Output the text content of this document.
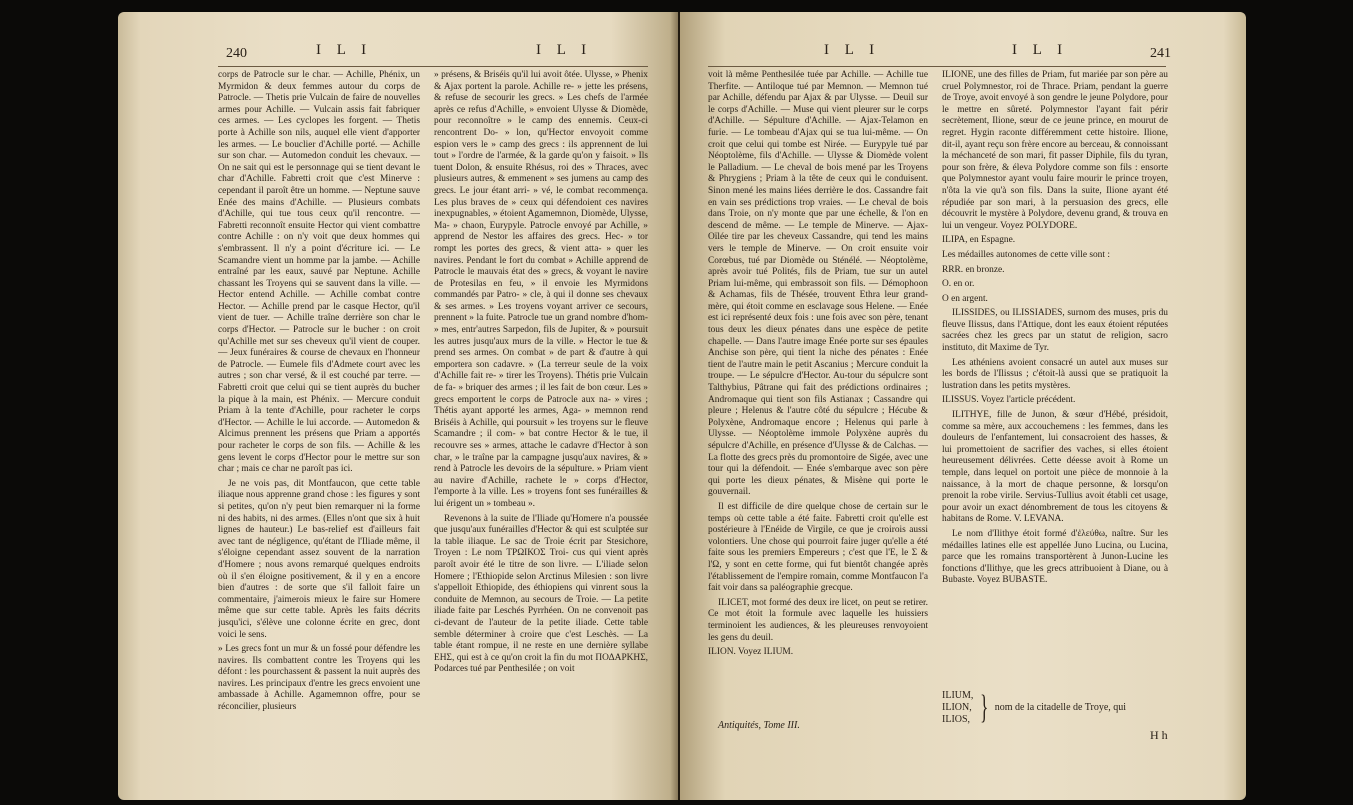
240	I L I	I L I

corps de Patrocle sur le char. — Achille, Phénix, un Myrmidon & deux femmes autour du corps de Patrocle. — Thetis prie Vulcain de faire de nouvelles armes pour Achille. — Vulcain assis fait fabriquer ces armes. — Les cyclopes les forgent. — Thetis porte à Achille son nils, auquel elle vient d'apporter les armes. — Le bouclier d'Achille porté. — Achille sur son char. — Automedon conduit les chevaux. — On ne sait qui est le personnage qui se tient devant le char d'Achille. Fabretti croit que c'est Minerve : cependant il paroît être un homme. — Neptune sauve Enée des mains d'Achille. — Plusieurs combats d'Achille, qui tue tous ceux qu'il rencontre. — Fabretti reconnoît ensuite Hector qui vient combattre contre Achille : on n'y voit que deux hommes qui s'embrassent. Il n'y a point d'écriture ici. — Le Scamandre vient un homme par la jambe. — Achille entraîné par les eaux, sauvé par Neptune. Achille chassant les Troyens qui se sauvent dans la ville. — Hector entend Achille. — Achille combat contre Hector. — Achille prend par le casque Hector, qu'il vient de tuer. — Achille traîne derrière son char le corps d'Hector. — Patrocle sur le bucher : on croit qu'Achille met sur ses cheveux qu'il vient de couper. — Jeux funéraires & course de chevaux en l'honneur de Patrocle. — Eumele fils d'Admete court avec les autres ; son char versé, & il est couché par terre. — Fabretti croit que celui qui se tient auprès du bucher la pique à la main, est Phénix. — Mercure conduit Priam à la tente d'Achille, pour racheter le corps d'Hector. — Achille le lui accorde. — Automedon & Alcimus prennent les présens que Priam a apportés pour racheter le corps de son fils. — Achille & les gens levent le corps d'Hector pour le mettre sur son char ; mais ce char ne paroît pas ici.

Je ne vois pas, dit Montfaucon, que cette table iliaque nous apprenne grand chose : les figures y sont si petites, qu'on n'y peut bien remarquer ni la forme ni des habits, ni des armes. (Elles n'ont que six à huit lignes de hauteur.) Le bas-relief est d'ailleurs fait avec tant de négligence, qu'étant de l'Iliade même, il s'éloigne cependant assez souvent de la narration d'Homere ; nous avons remarqué quelques endroits où il s'en éloigne positivement, & il y en a encore bien d'autres : de sorte que s'il falloit faire un commentaire, j'aimerois mieux le faire sur Homere même que sur cette table. Après les faits décrits jusqu'ici, s'élève une colonne écrite en grec, dont voici le sens.

» Les grecs font un mur & un fossé pour défendre les navires. Ils combattent contre les Troyens qui les défont : les pourchassent & passent la nuit auprès des navires. Les principaux d'entre les grecs envoient une ambassade à Achille. Agamemnon offre, pour se réconcilier, plusieurs

» présens, & Briséis qu'il lui avoit ôtée. Ulysse, » Phenix & Ajax portent la parole. Achille re- » jette les présens, & refuse de secourir les grecs. » Les chefs de l'armée après ce refus d'Achille, » envoient Ulysse & Diomède, pour reconnoître » le camp des ennemis. Ceux-ci rencontrent Do- » lon, qu'Hector envoyoit comme espion vers le » camp des grecs : ils apprennent de lui tout » l'ordre de l'armée, & la garde qu'on y faisoit. » Ils tuent Dolon, & ensuite Rhésus, roi des » Thraces, avec plusieurs autres, & emmenent » ses jumens au camp des grecs. Le jour étant arri- » vé, le combat recommença. Les plus braves de » ceux qui défendoient ces navires inexpugnables, » étoient Agamemnon, Diomède, Ulysse, Ma- » chaon, Eurypyle. Patrocle envoyé par Achille, » apprend de Nestor les affaires des grecs. Hec- » tor rompt les portes des grecs, & vient atta- » quer les navires. Pendant le fort du combat » Achille apprend de Patrocle le mauvais état des » grecs, & voyant le navire de Protesilas en feu, » il envoie les Myrmidons commandés par Patro- » cle, à qui il donne ses chevaux & ses armes. » Les troyens voyant arriver ce secours, prennent » la fuite. Patrocle tue un grand nombre d'hom- » mes, entr'autres Sarpedon, fils de Jupiter, & » poursuit les autres jusqu'aux murs de la ville. » Hector le tue & prend ses armes. On combat » de part & d'autre à qui emportera son cadavre. » (La terreur seule de la voix d'Achille fait re- » tirer les Troyens). Thétis prie Vulcain de fa- » briquer des armes ; il les fait de bon cœur. Les » grecs emportent le corps de Patrocle aux na- » vires ; Thétis ayant apporté les armes, Aga- » memnon rend Briséis à Achille, qui poursuit » les troyens sur le fleuve Scamandre ; il com- » bat contre Hector & le tue, il recouvre ses » armes, attache le cadavre d'Hector à son char, » le traîne par la campagne jusqu'aux navires, & » rend à Patrocle les devoirs de la sépulture. » Priam vient au navire d'Achille, rachete le » corps d'Hector, l'emporte à la ville. Les » troyens font ses funérailles & lui érigent un » tombeau ».

Revenons à la suite de l'Iliade qu'Homere n'a poussée que jusqu'aux funérailles d'Hector & qui est sculptée sur la table iliaque. Le sac de Troie écrit par Stesichore, Troyen : Le nom ΤΡΩΙΚΟΣ Troi- cus qui vient après paroît avoir été le titre de son livre. — L'iliade selon Homere ; l'Ethiopide selon Arctinus Milesien : son livre s'appelloit Ethiopide, des éthiopiens qui vinrent sous la conduite de Memnon, au secours de Troie. — La petite iliade faite par Leschés Pyrrhéen. On ne convenoit pas ci-devant de l'auteur de la petite iliade. Cette table semble déterminer à croire que c'est Leschès. — La table étant rompue, il ne reste en une dernière syllabe ΕΗΣ, qui est à ce qu'on croit la fin du mot ΠΟΔΑΡΚΗΣ, Podarces tué par Penthesilée ; on voit

I L I	I L I	241

voit là même Penthesilée tuée par Achille. — Achille tue Therfite. — Antiloque tué par Memnon. — Memnon tué par Achille, défendu par Ajax & par Ulysse. — Deuil sur le corps d'Achille. — Muse qui vient pleurer sur le corps d'Achille. — Sépulture d'Achille. — Ajax-Telamon en furie. — Le tombeau d'Ajax qui se tua lui-même. — On croit que celui qui tombe est Nirée. — Eurypyle tué par Néoptolème, fils d'Achille. — Ulysse & Diomède volent le Palladium. — Le cheval de bois mené par les Troyens & Phrygiens ; Priam à la tête de ceux qui le conduisent. Sinon mené les mains liées derrière le dos. Cassandre fait en vain ses prédictions trop vraies. — Le cheval de bois dans Troie, on n'y monte que par une échelle, & l'on en descend de même. — Le temple de Minerve. — Ajax-Oïlée tire par les cheveux Cassandre, qui tend les mains vers le temple de Minerve. — On croit ensuite voir Corœbus, tué par Diomède ou Sténélé. — Néoptolème, après avoir tué Polités, fils de Priam, tue sur un autel Priam lui-même, qui embrassoit son fils. — Démophoon & Achamas, fils de Thésée, trouvent Ethra leur grand-mère, qui étoit comme en esclavage sous Helene. — Enée est ici représenté deux fois : une fois avec son père, tenant tous deux les dieux pénates dans une espèce de petite chapelle. — Dans l'autre image Enée porte sur ses épaules Anchise son père, qui tient la niche des pénates : Enée tient de l'autre main le petit Ascanius ; Mercure conduit la troupe. — Le sépulcre d'Hector. Au-tour du sépulcre sont Talthybius, Pâtrane qui fait des prédictions ordinaires ; Andromaque qui tient son fils Astianax ; Cassandre qui pleure ; Helenus & l'autre côté du sépulcre ; Hécube & Polyxène, Andromaque encore ; Helenus qui parle à Ulysse. — Néoptolème immole Polyxène auprès du sépulcre d'Achille, en présence d'Ulysse & de Calchas. — La flotte des grecs près du promontoire de Sigée, avec une tour qui la défendoit. — Enée s'embarque avec son père qui porte les dieux pénates, & Misène qui porte le gouvernail.

Il est difficile de dire quelque chose de certain sur le temps où cette table a été faite. Fabretti croit qu'elle est postérieure à l'Enéide de Virgile, ce que je croirois aussi volontiers. Une chose qui pourroit faire juger qu'elle a été faite sous les premiers Empereurs ; c'est que l'E, le Σ & l'Ω, y sont en cette forme, qui fut bientôt changée après l'établissement de l'empire romain, comme Montfaucon l'a fait voir dans sa paléographie grecque.

ILICET, mot formé des deux ire licet, on peut se retirer. Ce mot étoit la formule avec laquelle les huissiers terminoient les audiences, & les pleureuses renvoyoient les gens du deuil.

ILION. Voyez ILIUM.

ILIONE, une des filles de Priam, fut mariée par son père au cruel Polymnestor, roi de Thrace. Priam, pendant la guerre de Troye, avoit envoyé à son gendre le jeune Polydore, pour le mettre en sûreté. Polymnestor l'ayant fait périr secrètement, Ilione, sœur de ce jeune prince, en mourut de regret. Hygin raconte différemment cette histoire. Ilione, dit-il, ayant reçu son frère encore au berceau, & connoissant la méchanceté de son mari, fit passer Diphile, fils du tyran, pour son frère, & éleva Polydore comme son fils : ensorte que Polymnestor ayant voulu faire mourir le prince troyen, n'ôta la vie qu'à son fils. Dans la suite, Ilione ayant été répudiée par son mari, à la persuasion des grecs, elle découvrit le mystère à Polydore, devenu grand, & trouva en lui un vengeur. Voyez POLYDORE.

ILIPA, en Espagne.

Les médailles autonomes de cette ville sont :

RRR. en bronze.

O. en or.

O en argent.

ILISSIDES, ou ILISSIADES, surnom des muses, pris du fleuve Ilissus, dans l'Attique, dont les eaux étoient réputées sacrées chez les grecs par un statut de religion, sacro instituto, dit Maxime de Tyr.

Les athéniens avoient consacré un autel aux muses sur les bords de l'Ilissus ; c'étoit-là aussi que se pratiquoit la lustration dans les petits mystères.

ILISSUS. Voyez l'article précédent.

ILITHYE, fille de Junon, & sœur d'Hébé, présidoit, comme sa mère, aux accouchemens : les femmes, dans les douleurs de l'enfantement, lui consacroient des hasses, & lui promettoient de sacrifier des vaches, si elles étoient heureusement délivrées. Cette déesse avoit à Rome un temple, dans lequel on portoit une pièce de monnoie à la naissance, à la mort de chaque personne, & lorsqu'on prenoit la robe virile. Servius-Tullius avoit établi cet usage, pour avoir un exact dénombrement de tous les citoyens & habitans de Rome. V. LEVANA.

Le nom d'Ilithye étoit formé d'ἐλεύθω, naître. Sur les médailles latines elle est appellée Juno Lucina, ou Lucina, parce que les romains transportèrent à Junon-Lucine les fonctions d'Ilithye, que les grecs attribuoient à Diane, ou à Bubaste. Voyez BUBASTE.

ILIUM,
ILION,
ILIOS, } nom de la citadelle de Troye, qui
Antiquités, Tome III.
H h
